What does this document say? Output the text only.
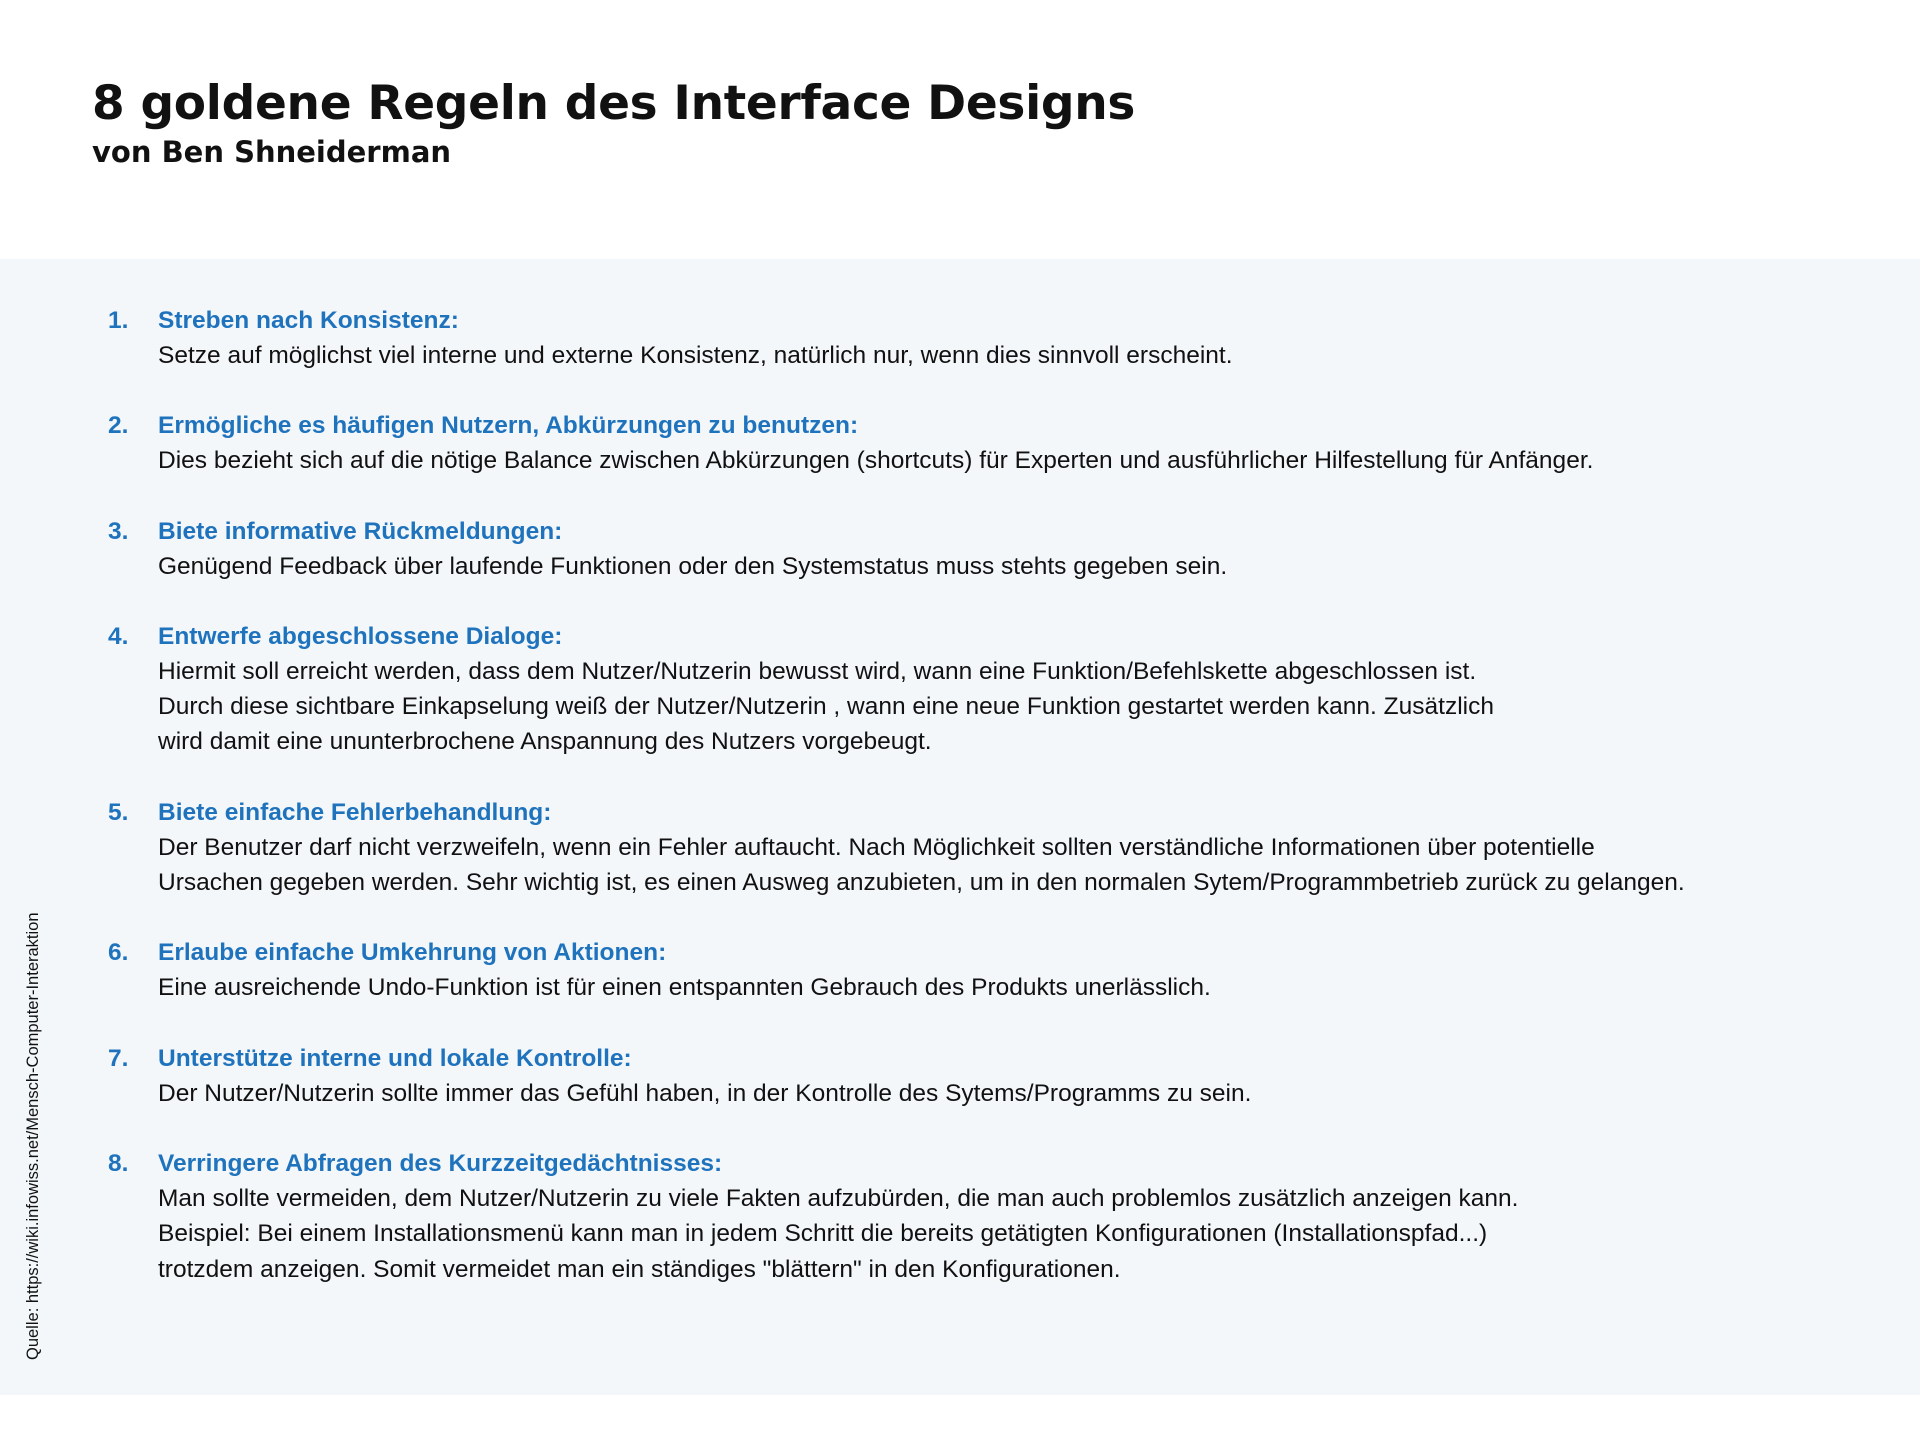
8 goldene Regeln des Interface Designs
von Ben Shneiderman
1. Streben nach Konsistenz:
Setze auf möglichst viel interne und externe Konsistenz, natürlich nur, wenn dies sinnvoll erscheint.
2. Ermögliche es häufigen Nutzern, Abkürzungen zu benutzen:
Dies bezieht sich auf die nötige Balance zwischen Abkürzungen (shortcuts) für Experten und ausführlicher Hilfestellung für Anfänger.
3. Biete informative Rückmeldungen:
Genügend Feedback über laufende Funktionen oder den Systemstatus muss stehts gegeben sein.
4. Entwerfe abgeschlossene Dialoge:
Hiermit soll erreicht werden, dass dem Nutzer/Nutzerin bewusst wird, wann eine Funktion/Befehlskette abgeschlossen ist.
Durch diese sichtbare Einkapselung weiß der Nutzer/Nutzerin , wann eine neue Funktion gestartet werden kann. Zusätzlich
wird damit eine ununterbrochene Anspannung des Nutzers vorgebeugt.
5. Biete einfache Fehlerbehandlung:
Der Benutzer darf nicht verzweifeln, wenn ein Fehler auftaucht. Nach Möglichkeit sollten verständliche Informationen über potentielle
Ursachen gegeben werden. Sehr wichtig ist, es einen Ausweg anzubieten, um in den normalen Sytem/Programmbetrieb zurück zu gelangen.
6. Erlaube einfache Umkehrung von Aktionen:
Eine ausreichende Undo-Funktion ist für einen entspannten Gebrauch des Produkts unerlässlich.
7. Unterstütze interne und lokale Kontrolle:
Der Nutzer/Nutzerin sollte immer das Gefühl haben, in der Kontrolle des Sytems/Programms zu sein.
8. Verringere Abfragen des Kurzzeitgedächtnisses:
Man sollte vermeiden, dem Nutzer/Nutzerin zu viele Fakten aufzubürden, die man auch problemlos zusätzlich anzeigen kann.
Beispiel: Bei einem Installationsmenü kann man in jedem Schritt die bereits getätigten Konfigurationen (Installationspfad...)
trotzdem anzeigen. Somit vermeidet man ein ständiges "blättern" in den Konfigurationen.
Quelle: https://wiki.infowiss.net/Mensch-Computer-Interaktion
